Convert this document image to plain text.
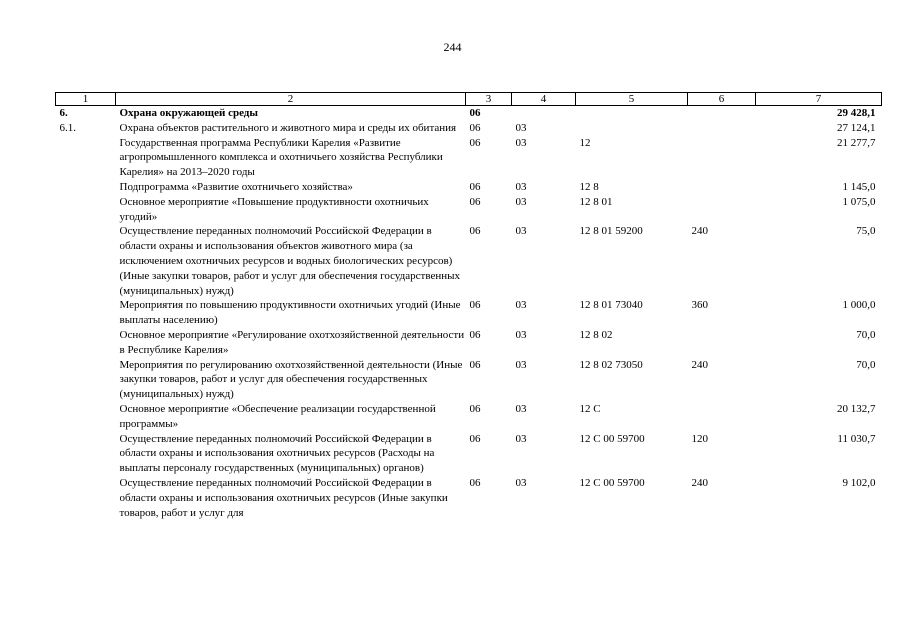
244
1	2	3	4	5	6	7
6.	Охрана окружающей среды	06				29 428,1
6.1.	Охрана объектов растительного и животного мира и среды их обитания	06	03			27 124,1
	Государственная программа Республики Карелия «Развитие агропромышленного комплекса и охотничьего хозяйства Республики Карелия» на 2013–2020 годы	06	03	12		21 277,7
	Подпрограмма «Развитие охотничьего хозяйства»	06	03	12 8		1 145,0
	Основное мероприятие «Повышение продуктивности охотничьих угодий»	06	03	12 8 01		1 075,0
	Осуществление переданных полномочий Российской Федерации в области охраны и использования объектов животного мира (за исключением охотничьих ресурсов и водных биологических ресурсов) (Иные закупки товаров, работ и услуг для обеспечения государственных (муниципальных) нужд)	06	03	12 8 01 59200	240	75,0
	Мероприятия по повышению продуктивности охотничьих угодий (Иные выплаты населению)	06	03	12 8 01 73040	360	1 000,0
	Основное мероприятие «Регулирование охотхозяйственной деятельности в Республике Карелия»	06	03	12 8 02		70,0
	Мероприятия по регулированию охотхозяйственной деятельности (Иные закупки товаров, работ и услуг для обеспечения государственных (муниципальных) нужд)	06	03	12 8 02 73050	240	70,0
	Основное мероприятие «Обеспечение реализации государственной программы»	06	03	12 С		20 132,7
	Осуществление переданных полномочий Российской Федерации в области охраны и использования охотничьих ресурсов (Расходы на выплаты персоналу государственных (муниципальных) органов)	06	03	12 С 00 59700	120	11 030,7
	Осуществление переданных полномочий Российской Федерации в области охраны и использования охотничьих ресурсов (Иные закупки товаров, работ и услуг для	06	03	12 С 00 59700	240	9 102,0
